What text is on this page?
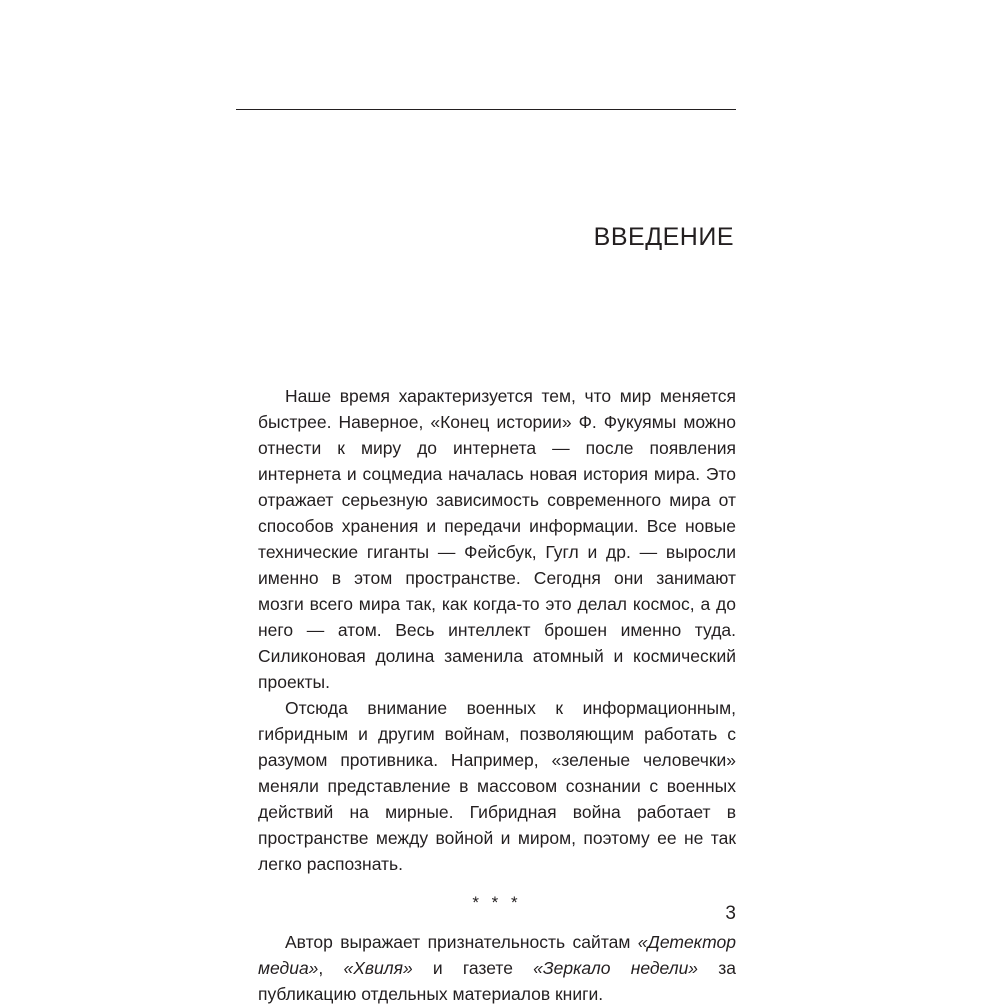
ВВЕДЕНИЕ

Наше время характеризуется тем, что мир меняется быстрее. Наверное, «Конец истории» Ф. Фукуямы можно отнести к миру до интернета — после появления интернета и соцмедиа началась новая история мира. Это отражает серьезную зависимость современного мира от способов хранения и передачи информации. Все новые технические гиганты — Фейсбук, Гугл и др. — выросли именно в этом пространстве. Сегодня они занимают мозги всего мира так, как когда-то это делал космос, а до него — атом. Весь интеллект брошен именно туда. Силиконовая долина заменила атомный и космический проекты.

Отсюда внимание военных к информационным, гибридным и другим войнам, позволяющим работать с разумом противника. Например, «зеленые человечки» меняли представление в массовом сознании с военных действий на мирные. Гибридная война работает в пространстве между войной и миром, поэтому ее не так легко распознать.

* * *

Автор выражает признательность сайтам «Детектор медиа», «Хвиля» и газете «Зеркало недели» за публикацию отдельных материалов книги.

3
